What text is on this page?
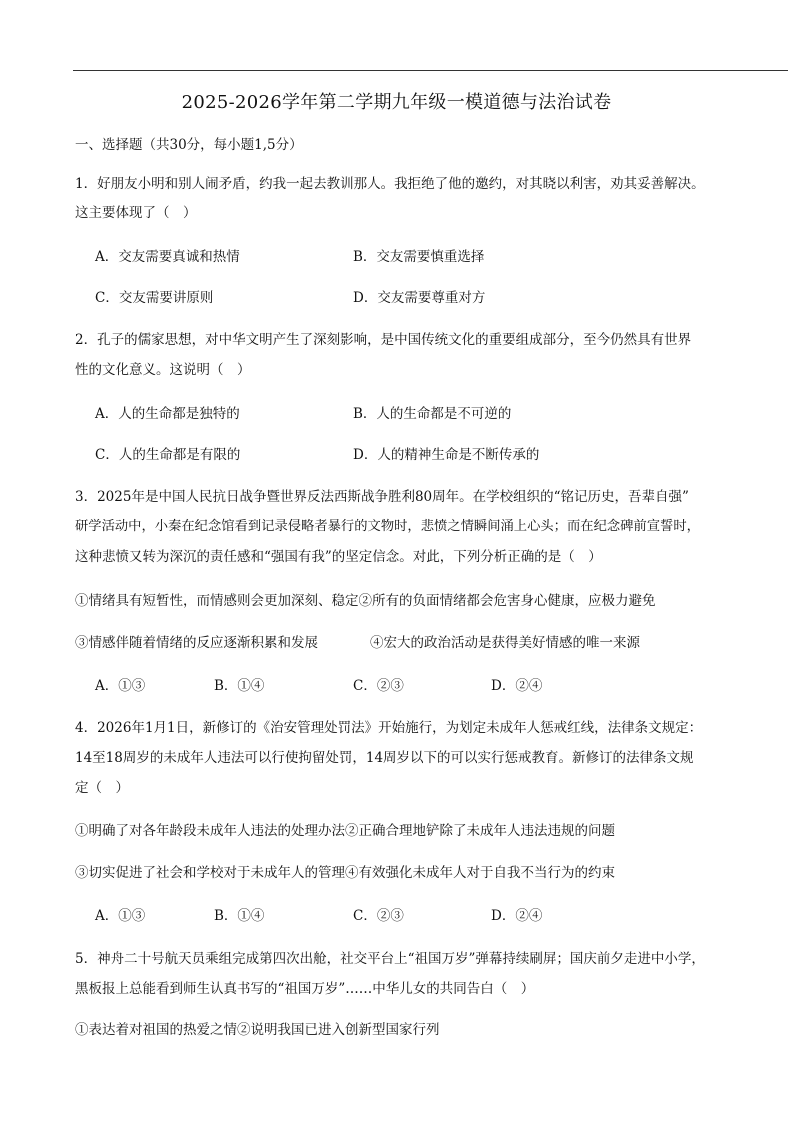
2025-2026学年第二学期九年级一模道德与法治试卷
一、选择题（共30分，每小题1,5分）
1．好朋友小明和别人闹矛盾，约我一起去教训那人。我拒绝了他的邀约，对其晓以利害，劝其妥善解决。
这主要体现了（　）
A．交友需要真诚和热情	B．交友需要慎重选择
C．交友需要讲原则	D．交友需要尊重对方
2．孔子的儒家思想，对中华文明产生了深刻影响，是中国传统文化的重要组成部分，至今仍然具有世界
性的文化意义。这说明（　）
A．人的生命都是独特的	B．人的生命都是不可逆的
C．人的生命都是有限的	D．人的精神生命是不断传承的
3．2025年是中国人民抗日战争暨世界反法西斯战争胜利80周年。在学校组织的“铭记历史，吾辈自强”
研学活动中，小秦在纪念馆看到记录侵略者暴行的文物时，悲愤之情瞬间涌上心头；而在纪念碑前宣誓时，
这种悲愤又转为深沉的责任感和“强国有我”的坚定信念。对此，下列分析正确的是（　）
①情绪具有短暂性，而情感则会更加深刻、稳定②所有的负面情绪都会危害身心健康，应极力避免
③情感伴随着情绪的反应逐渐积累和发展	④宏大的政治活动是获得美好情感的唯一来源
A．①③	B．①④	C．②③	D．②④
4．2026年1月1日，新修订的《治安管理处罚法》开始施行，为划定未成年人惩戒红线，法律条文规定：
14至18周岁的未成年人违法可以行使拘留处罚，14周岁以下的可以实行惩戒教育。新修订的法律条文规
定（　）
①明确了对各年龄段未成年人违法的处理办法②正确合理地铲除了未成年人违法违规的问题
③切实促进了社会和学校对于未成年人的管理④有效强化未成年人对于自我不当行为的约束
A．①③	B．①④	C．②③	D．②④
5．神舟二十号航天员乘组完成第四次出舱，社交平台上“祖国万岁”弹幕持续刷屏；国庆前夕走进中小学，
黑板报上总能看到师生认真书写的“祖国万岁”……中华儿女的共同告白（　）
①表达着对祖国的热爱之情②说明我国已进入创新型国家行列
